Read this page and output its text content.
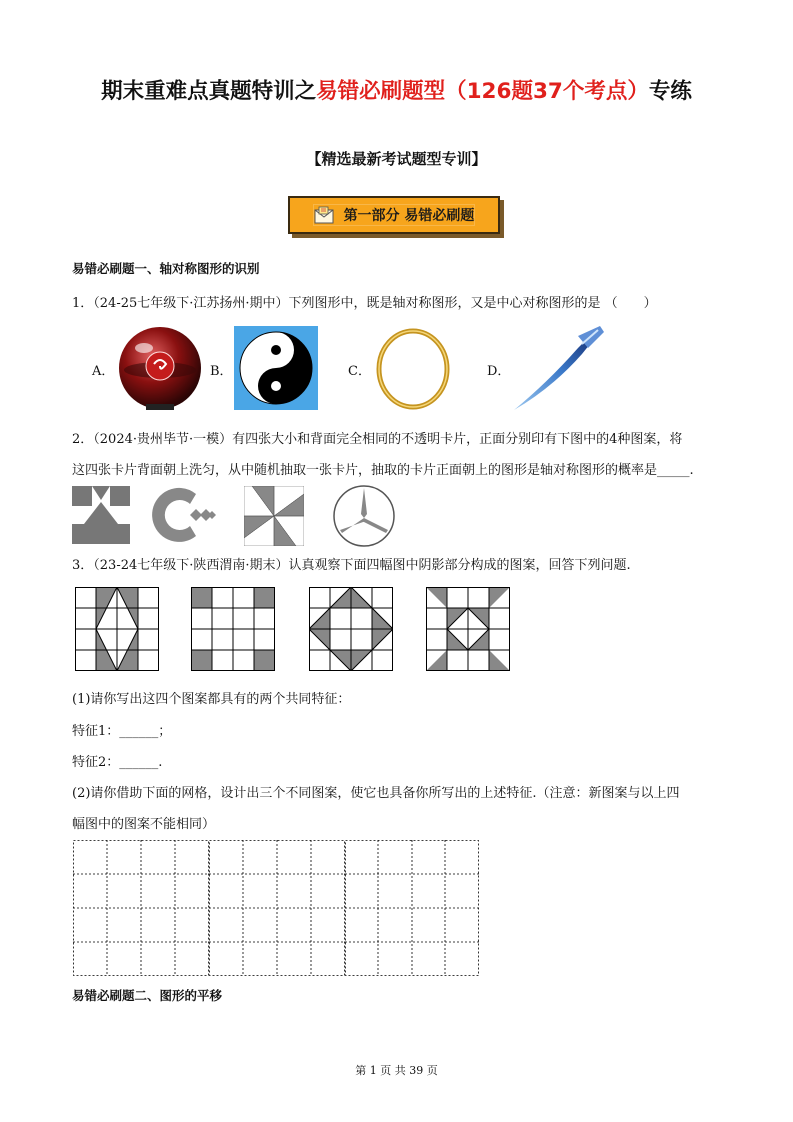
期末重难点真题特训之易错必刷题型（126题37个考点）专练
【精选最新考试题型专训】
第一部分 易错必刷题
易错必刷题一、轴对称图形的识别
1．（24-25七年级下·江苏扬州·期中）下列图形中，既是轴对称图形，又是中心对称图形的是 （　　）
A．	B．	C．	D．
2．（2024·贵州毕节·一模）有四张大小和背面完全相同的不透明卡片，正面分别印有下图中的4种图案，将
这四张卡片背面朝上洗匀，从中随机抽取一张卡片，抽取的卡片正面朝上的图形是轴对称图形的概率是_____.
3．（23-24七年级下·陕西渭南·期末）认真观察下面四幅图中阴影部分构成的图案，回答下列问题.
(1)请你写出这四个图案都具有的两个共同特征：
特征1：______；
特征2：______.
(2)请你借助下面的网格，设计出三个不同图案，使它也具备你所写出的上述特征.（注意：新图案与以上四
幅图中的图案不能相同）
易错必刷题二、图形的平移
第 1 页 共 39 页
